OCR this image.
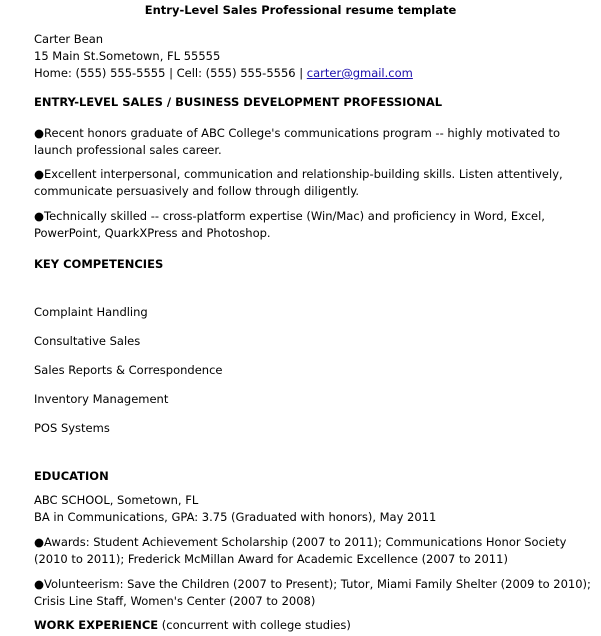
Entry-Level Sales Professional resume template
Carter Bean
15 Main St.Sometown, FL 55555
Home: (555) 555-5555 | Cell: (555) 555-5556 | carter@gmail.com
ENTRY-LEVEL SALES / BUSINESS DEVELOPMENT PROFESSIONAL
●Recent honors graduate of ABC College's communications program -- highly motivated to
launch professional sales career.
●Excellent interpersonal, communication and relationship-building skills. Listen attentively,
communicate persuasively and follow through diligently.
●Technically skilled -- cross-platform expertise (Win/Mac) and proficiency in Word, Excel,
PowerPoint, QuarkXPress and Photoshop.
KEY COMPETENCIES
Complaint Handling
Consultative Sales
Sales Reports & Correspondence
Inventory Management
POS Systems
EDUCATION
ABC SCHOOL, Sometown, FL
BA in Communications, GPA: 3.75 (Graduated with honors), May 2011
●Awards: Student Achievement Scholarship (2007 to 2011); Communications Honor Society
(2010 to 2011); Frederick McMillan Award for Academic Excellence (2007 to 2011)
●Volunteerism: Save the Children (2007 to Present); Tutor, Miami Family Shelter (2009 to 2010);
Crisis Line Staff, Women's Center (2007 to 2008)
WORK EXPERIENCE (concurrent with college studies)
